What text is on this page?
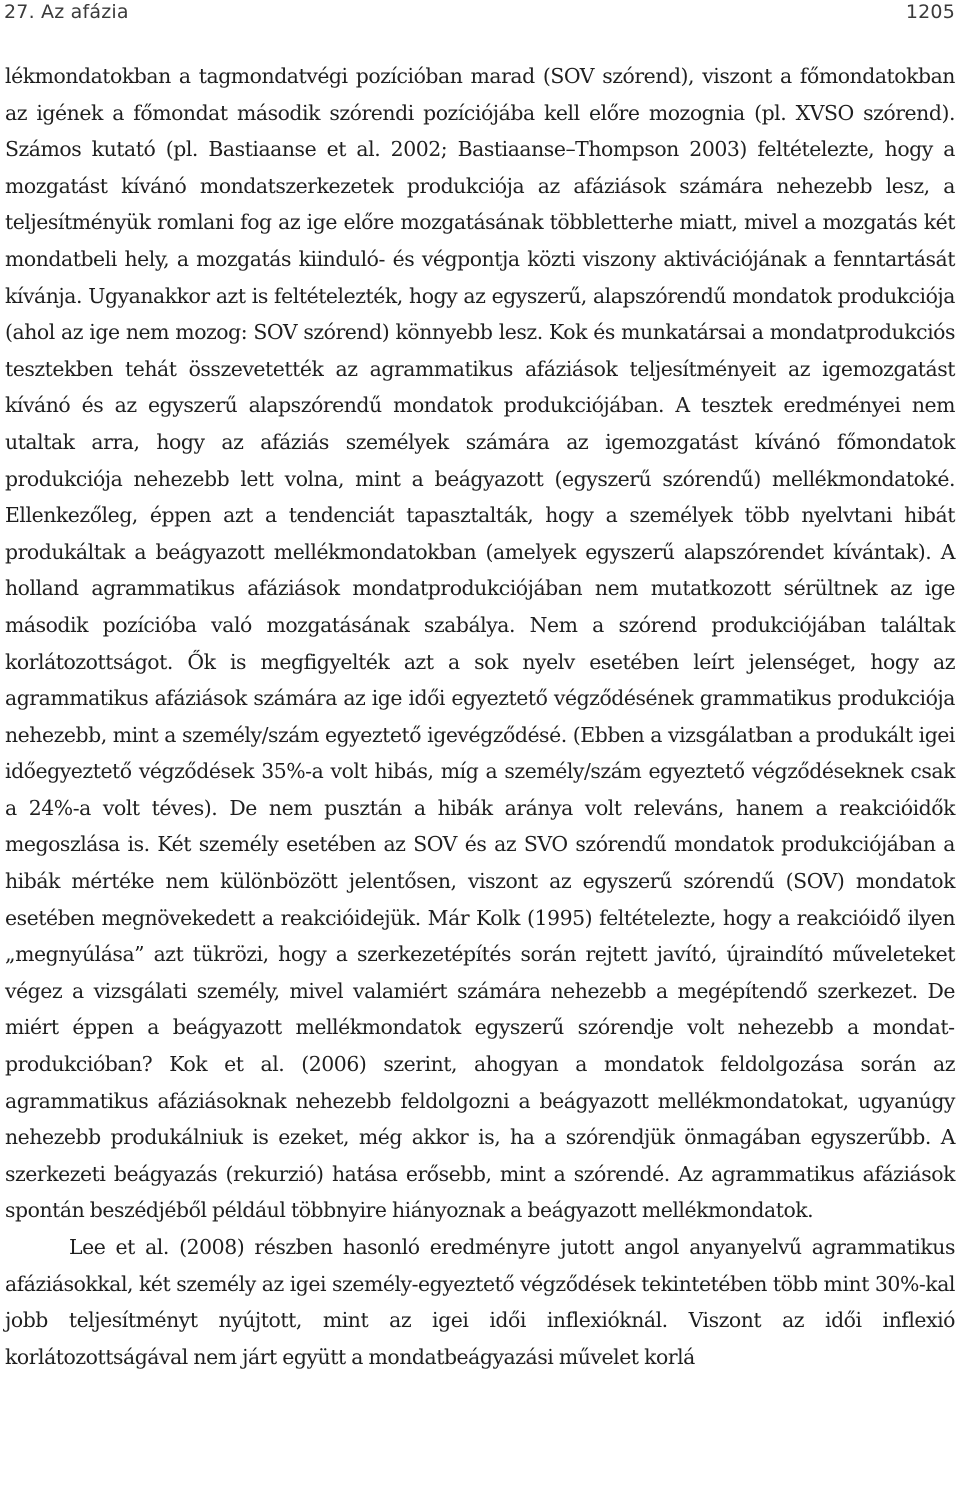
27. Az afázia	1205

lékmondatokban a tagmondatvégi pozícióban marad (SOV szórend), viszont a főmondatokban az igének a főmondat második szórendi pozíciójába kell előre mozognia (pl. XVSO szórend). Számos kutató (pl. Bastiaanse et al. 2002; Bastiaanse–Thompson 2003) feltételezte, hogy a mozgatást kívánó mondatszerkezetek produkciója az afáziások számára nehezebb lesz, a teljesítményük romlani fog az ige előre mozgatásának többletterhe miatt, mivel a mozgatás két mondatbeli hely, a mozgatás kiinduló- és végpontja közti viszony aktivációjának a fenntartását kívánja. Ugyanakkor azt is feltételezték, hogy az egyszerű, alapszórendű mondatok produkciója (ahol az ige nem mozog: SOV szórend) könnyebb lesz. Kok és munkatársai a mondatprodukciós tesztekben tehát összevetették az agrammatikus afáziások teljesítményeit az igemozgatást kívánó és az egyszerű alapszórendű mondatok produkciójában. A tesztek eredményei nem utaltak arra, hogy az afáziás személyek számára az igemozgatást kívánó főmondatok produkciója nehezebb lett volna, mint a beágyazott (egyszerű szórendű) mellékmondatoké. Ellenkezőleg, éppen azt a tendenciát tapasztalták, hogy a személyek több nyelvtani hibát produkáltak a beágyazott mellékmondatokban (amelyek egyszerű alapszórendet kívántak). A holland agrammatikus afáziások mondatprodukciójában nem mutatkozott sérültnek az ige második pozícióba való mozgatásának szabálya. Nem a szórend produkciójában találtak korlátozottságot. Ők is megfigyelték azt a sok nyelv esetében leírt jelenséget, hogy az agrammatikus afáziások számára az ige idői egyeztető végződésének grammatikus produkciója nehezebb, mint a személy/szám egyeztető igevégződésé. (Ebben a vizsgálatban a produkált igei időegyeztető végződések 35%-a volt hibás, míg a személy/szám egyeztető végződéseknek csak a 24%-a volt téves). De nem pusztán a hibák aránya volt releváns, hanem a reakcióidők megoszlása is. Két személy esetében az SOV és az SVO szórendű mondatok produkciójában a hibák mértéke nem különbözött jelentősen, viszont az egyszerű szórendű (SOV) mondatok esetében megnövekedett a reakcióidejük. Már Kolk (1995) feltételezte, hogy a reakcióidő ilyen „megnyúlása” azt tükrözi, hogy a szerkezetépítés során rejtett javító, újraindító műveleteket végez a vizsgálati személy, mivel valamiért számára nehezebb a megépítendő szerkezet. De miért éppen a beágyazott mellékmondatok egyszerű szórendje volt nehezebb a mondatprodukcióban? Kok et al. (2006) szerint, ahogyan a mondatok feldolgozása során az agrammatikus afáziásoknak nehezebb feldolgozni a beágyazott mellékmondatokat, ugyanúgy nehezebb produkálniuk is ezeket, még akkor is, ha a szórendjük önmagában egyszerűbb. A szerkezeti beágyazás (rekurzió) hatása erősebb, mint a szórendé. Az agrammatikus afáziások spontán beszédjéből például többnyire hiányoznak a beágyazott mellékmondatok.

Lee et al. (2008) részben hasonló eredményre jutott angol anyanyelvű agrammatikus afáziásokkal, két személy az igei személy-egyeztető végződések tekintetében több mint 30%-kal jobb teljesítményt nyújtott, mint az igei idői inflexióknál. Viszont az idői inflexió korlátozottságával nem járt együtt a mondatbeágyazási művelet korlá
